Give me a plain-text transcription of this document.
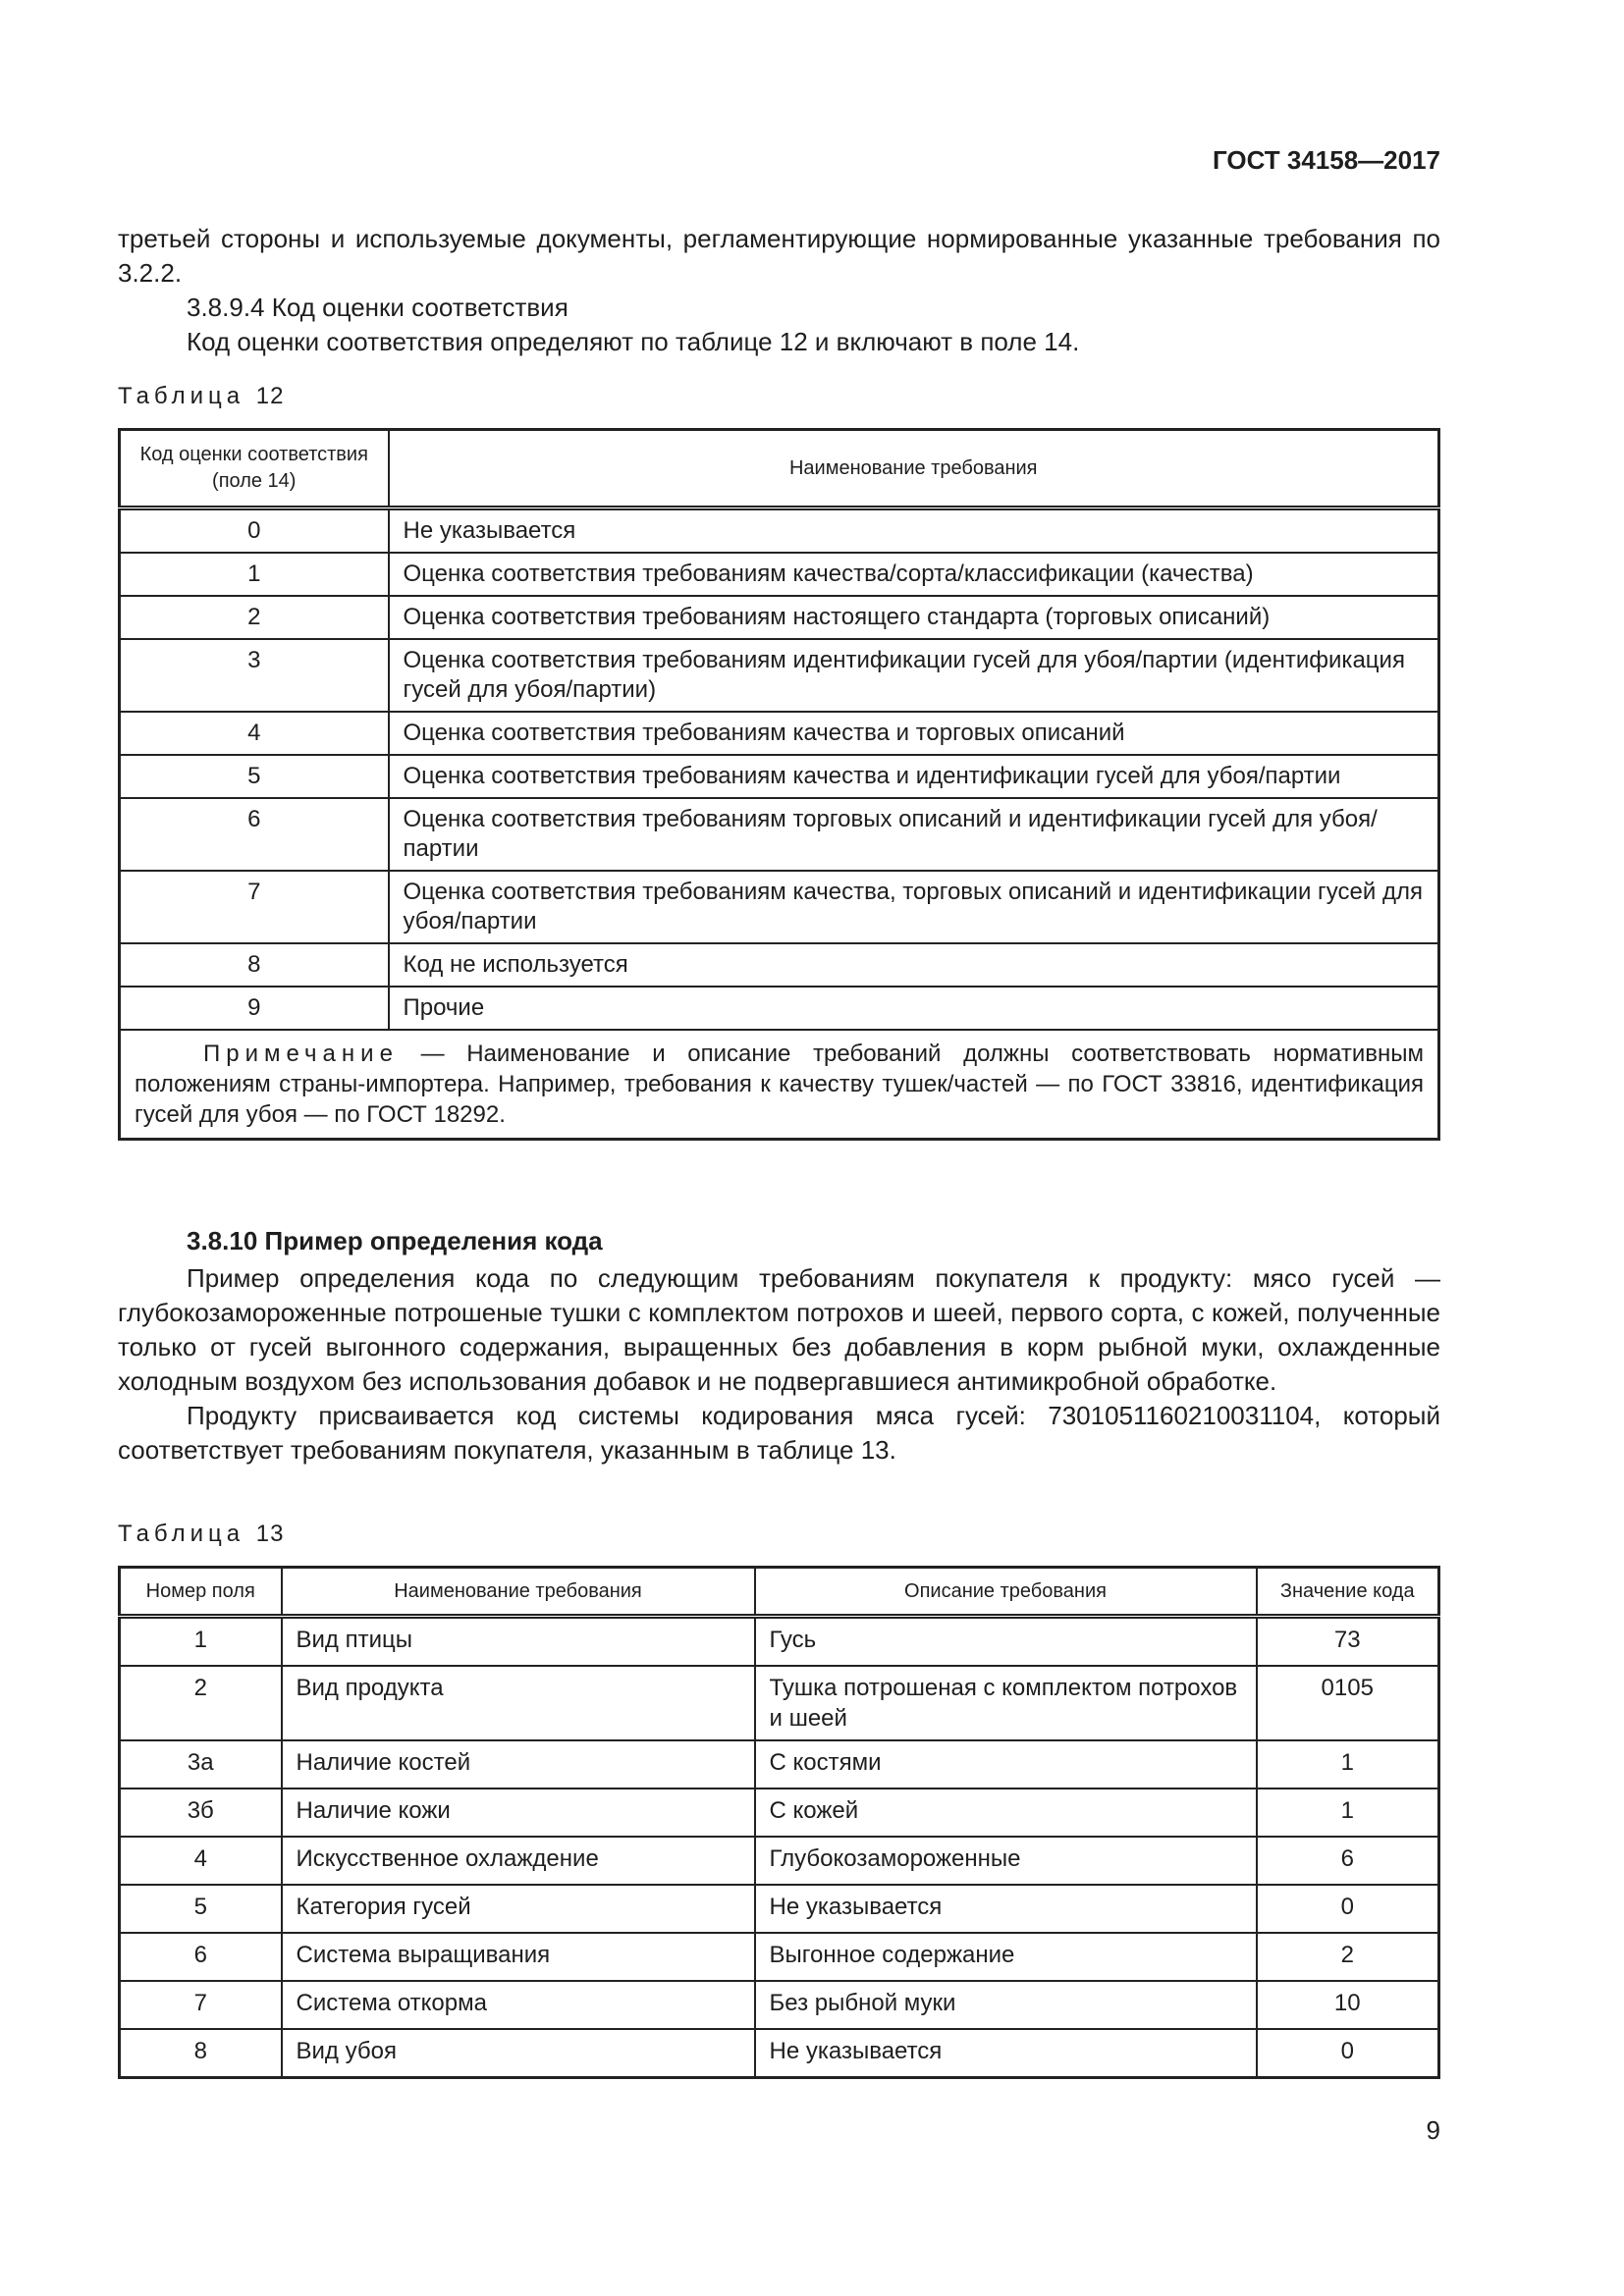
ГОСТ 34158—2017

третьей стороны и используемые документы, регламентирующие нормированные указанные требования по 3.2.2.

3.8.9.4 Код оценки соответствия

Код оценки соответствия определяют по таблице 12 и включают в поле 14.

Таблица 12
Код оценки соответствия (поле 14)	Наименование требования
0	Не указывается
1	Оценка соответствия требованиям качества/сорта/классификации (качества)
2	Оценка соответствия требованиям настоящего стандарта (торговых описаний)
3	Оценка соответствия требованиям идентификации гусей для убоя/партии (идентификация гусей для убоя/партии)
4	Оценка соответствия требованиям качества и торговых описаний
5	Оценка соответствия требованиям качества и идентификации гусей для убоя/партии
6	Оценка соответствия требованиям торговых описаний и идентификации гусей для убоя/партии
7	Оценка соответствия требованиям качества, торговых описаний и идентификации гусей для убоя/партии
8	Код не используется
9	Прочие
Примечание — Наименование и описание требований должны соответствовать нормативным положениям страны-импортера. Например, требования к качеству тушек/частей — по ГОСТ 33816, идентификация гусей для убоя — по ГОСТ 18292.	
3.8.10 Пример определения кода

Пример определения кода по следующим требованиям покупателя к продукту: мясо гусей — глубокозамороженные потрошеные тушки с комплектом потрохов и шеей, первого сорта, с кожей, полученные только от гусей выгонного содержания, выращенных без добавления в корм рыбной муки, охлажденные холодным воздухом без использования добавок и не подвергавшиеся антимикробной обработке.

Продукту присваивается код системы кодирования мяса гусей: 7301051160210031104, который соответствует требованиям покупателя, указанным в таблице 13.

Таблица 13
Номер поля	Наименование требования	Описание требования	Значение кода
1	Вид птицы	Гусь	73
2	Вид продукта	Тушка потрошеная с комплектом потрохов и шеей	0105
3а	Наличие костей	С костями	1
3б	Наличие кожи	С кожей	1
4	Искусственное охлаждение	Глубокозамороженные	6
5	Категория гусей	Не указывается	0
6	Система выращивания	Выгонное содержание	2
7	Система откорма	Без рыбной муки	10
8	Вид убоя	Не указывается	0
9
